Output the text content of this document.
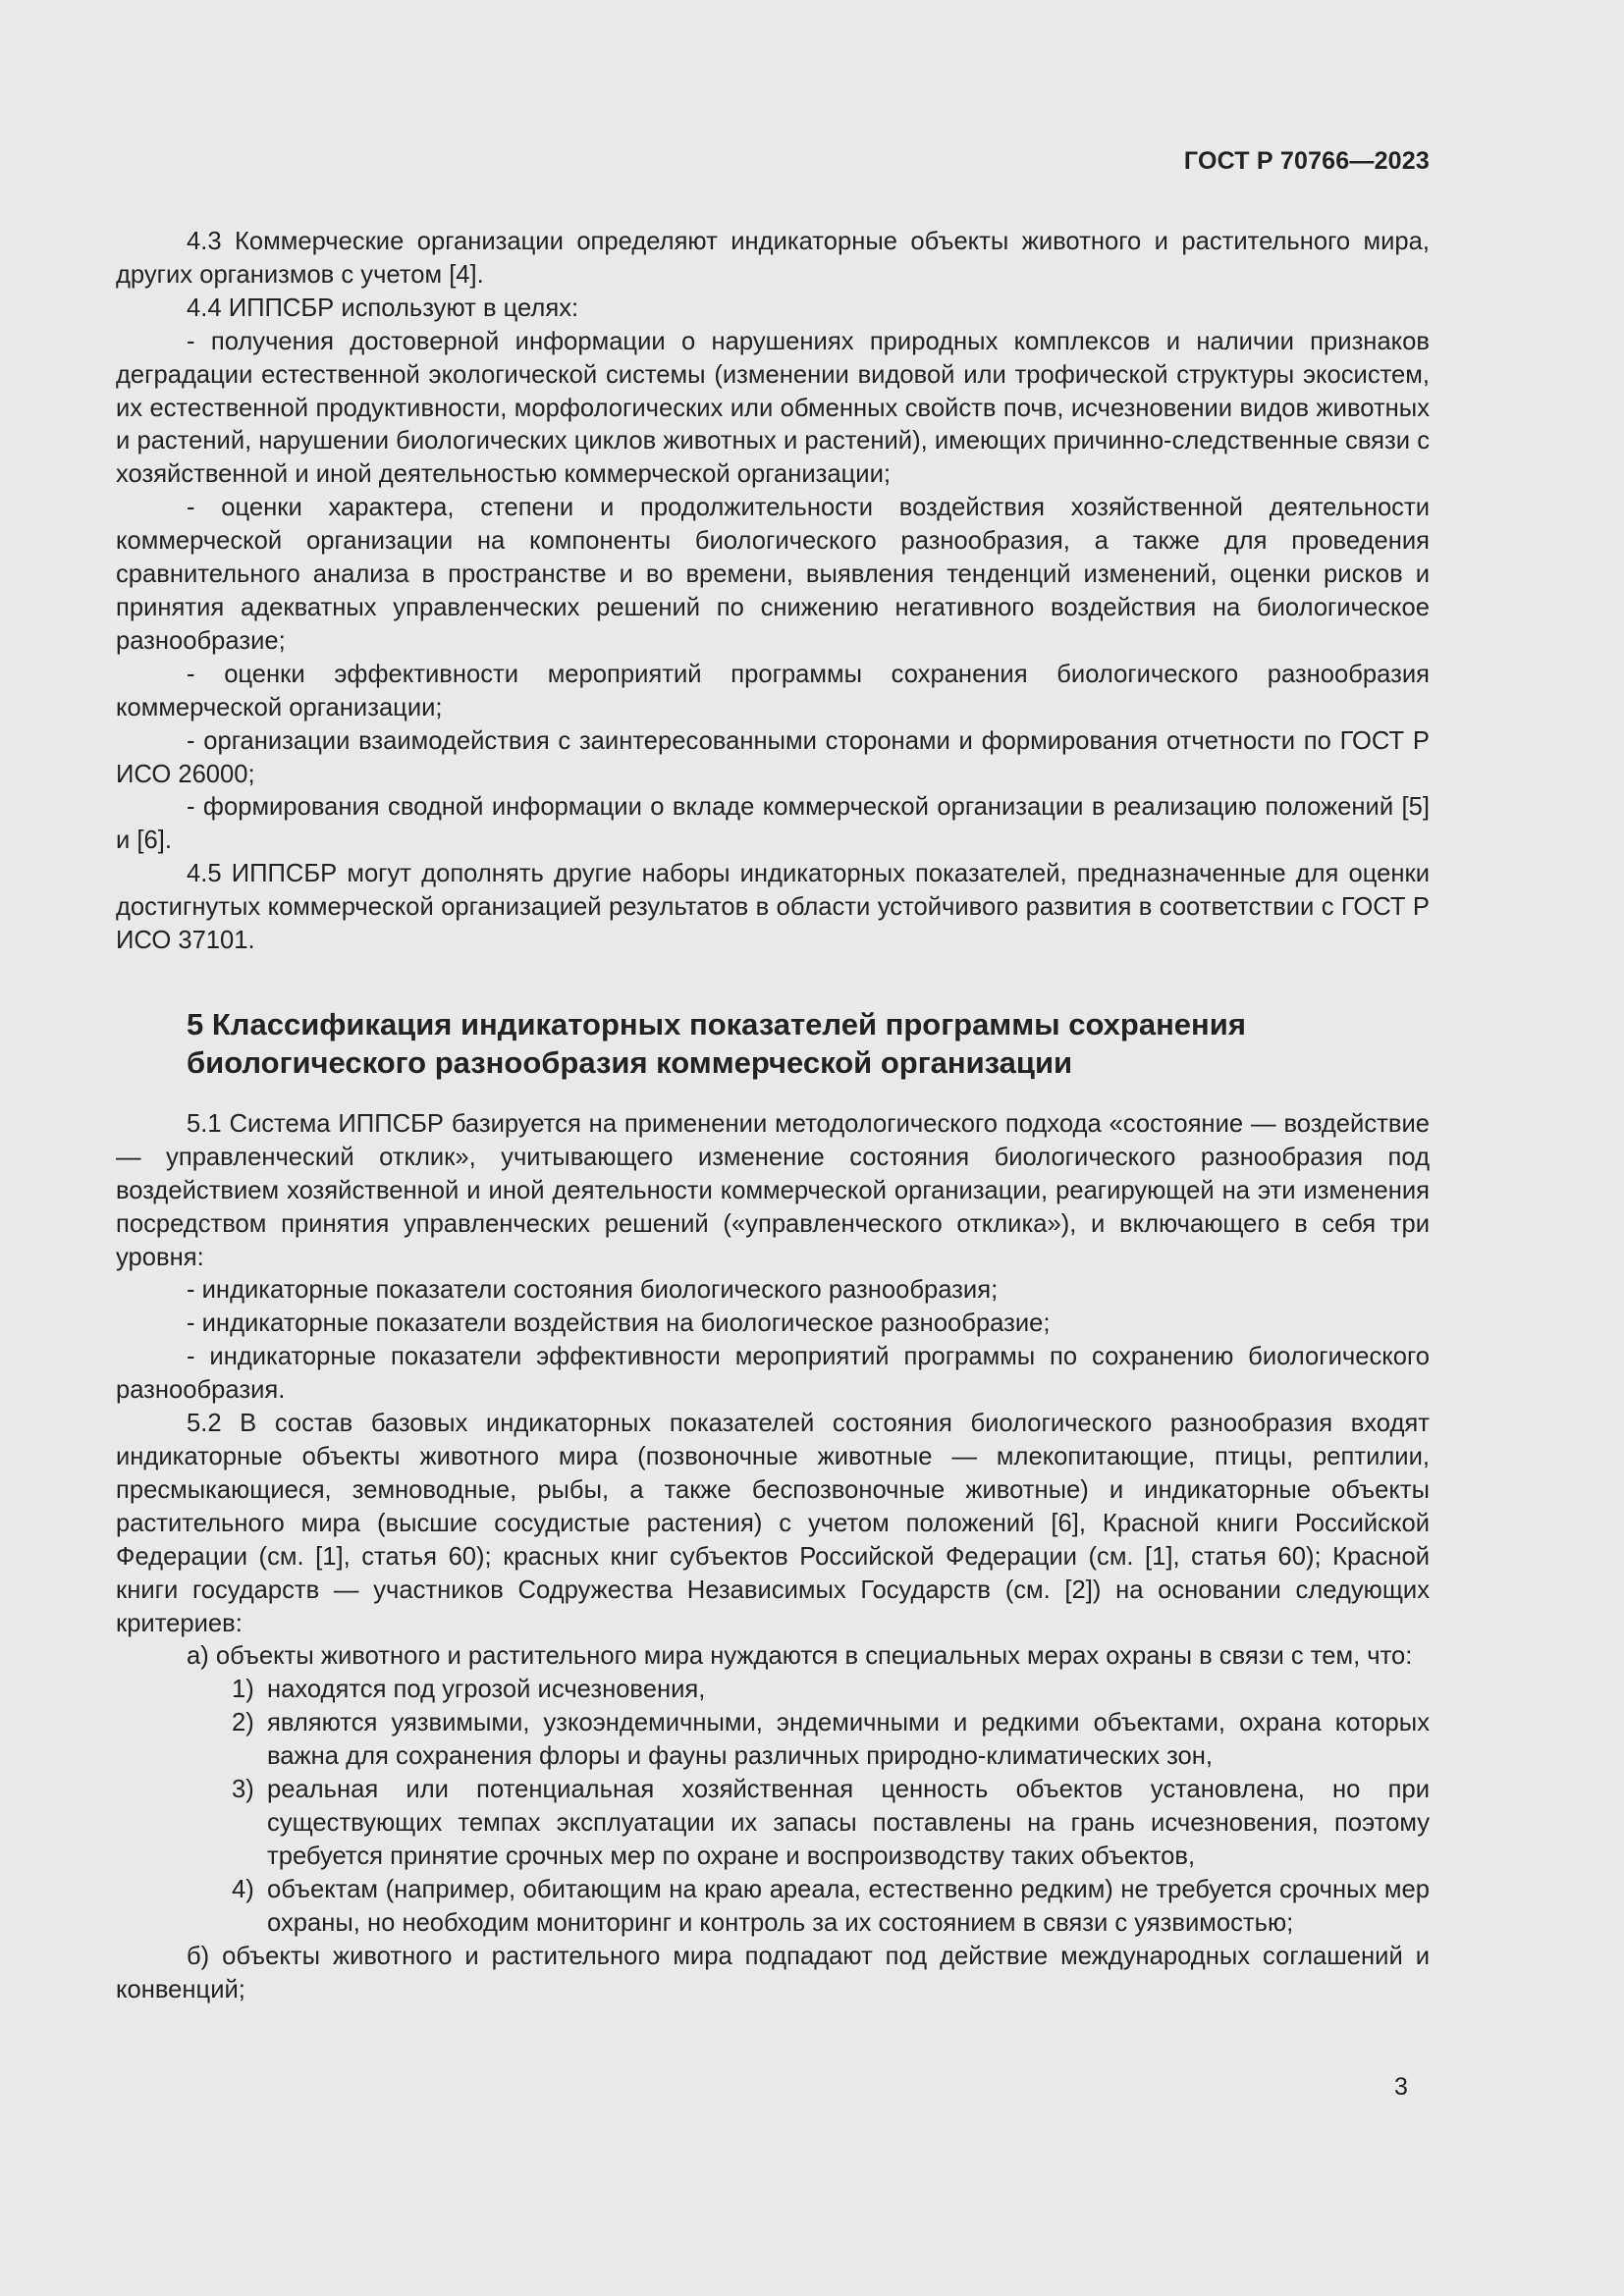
ГОСТ Р 70766—2023

4.3 Коммерческие организации определяют индикаторные объекты животного и растительного мира, других организмов с учетом [4].

4.4 ИППСБР используют в целях:

- получения достоверной информации о нарушениях природных комплексов и наличии признаков деградации естественной экологической системы (изменении видовой или трофической структуры экосистем, их естественной продуктивности, морфологических или обменных свойств почв, исчезновении видов животных и растений, нарушении биологических циклов животных и растений), имеющих причинно-следственные связи с хозяйственной и иной деятельностью коммерческой организации;

- оценки характера, степени и продолжительности воздействия хозяйственной деятельности коммерческой организации на компоненты биологического разнообразия, а также для проведения сравнительного анализа в пространстве и во времени, выявления тенденций изменений, оценки рисков и принятия адекватных управленческих решений по снижению негативного воздействия на биологическое разнообразие;

- оценки эффективности мероприятий программы сохранения биологического разнообразия коммерческой организации;

- организации взаимодействия с заинтересованными сторонами и формирования отчетности по ГОСТ Р ИСО 26000;

- формирования сводной информации о вкладе коммерческой организации в реализацию положений [5] и [6].

4.5 ИППСБР могут дополнять другие наборы индикаторных показателей, предназначенные для оценки достигнутых коммерческой организацией результатов в области устойчивого развития в соответствии с ГОСТ Р ИСО 37101.

5 Классификация индикаторных показателей программы сохранения
биологического разнообразия коммерческой организации

5.1 Система ИППСБР базируется на применении методологического подхода «состояние — воздействие — управленческий отклик», учитывающего изменение состояния биологического разнообразия под воздействием хозяйственной и иной деятельности коммерческой организации, реагирующей на эти изменения посредством принятия управленческих решений («управленческого отклика»), и включающего в себя три уровня:

- индикаторные показатели состояния биологического разнообразия;

- индикаторные показатели воздействия на биологическое разнообразие;

- индикаторные показатели эффективности мероприятий программы по сохранению биологического разнообразия.

5.2 В состав базовых индикаторных показателей состояния биологического разнообразия входят индикаторные объекты животного мира (позвоночные животные — млекопитающие, птицы, рептилии, пресмыкающиеся, земноводные, рыбы, а также беспозвоночные животные) и индикаторные объекты растительного мира (высшие сосудистые растения) с учетом положений [6], Красной книги Российской Федерации (см. [1], статья 60); красных книг субъектов Российской Федерации (см. [1], статья 60); Красной книги государств — участников Содружества Независимых Государств (см. [2]) на основании следующих критериев:

а) объекты животного и растительного мира нуждаются в специальных мерах охраны в связи с тем, что:

1) находятся под угрозой исчезновения,
2) являются уязвимыми, узкоэндемичными, эндемичными и редкими объектами, охрана которых важна для сохранения флоры и фауны различных природно-климатических зон,
3) реальная или потенциальная хозяйственная ценность объектов установлена, но при существующих темпах эксплуатации их запасы поставлены на грань исчезновения, поэтому требуется принятие срочных мер по охране и воспроизводству таких объектов,
4) объектам (например, обитающим на краю ареала, естественно редким) не требуется срочных мер охраны, но необходим мониторинг и контроль за их состоянием в связи с уязвимостью;

б) объекты животного и растительного мира подпадают под действие международных соглашений и конвенций;

3
